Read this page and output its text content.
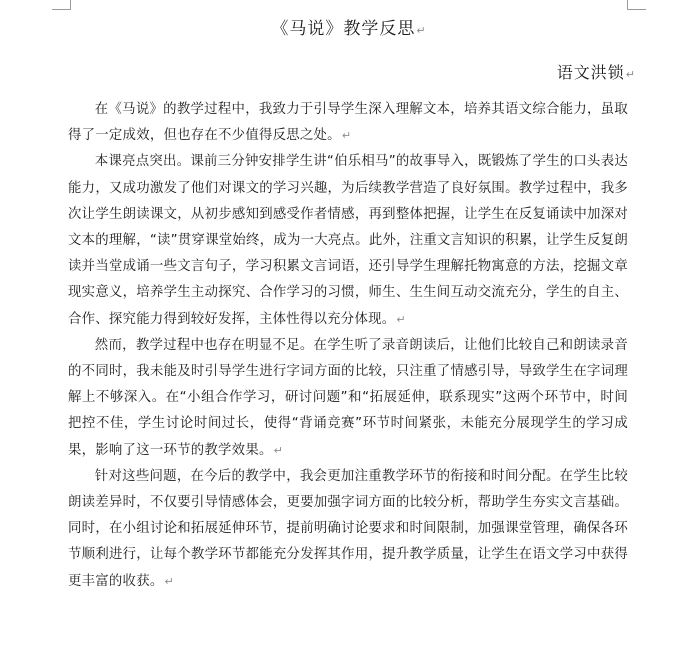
《马说》教学反思↵
语文洪锁↵

在《马说》的教学过程中，我致力于引导学生深入理解文本，培养其语文综合能力，虽取得了一定成效，但也存在不少值得反思之处。↵

本课亮点突出。课前三分钟安排学生讲“伯乐相马”的故事导入，既锻炼了学生的口头表达能力，又成功激发了他们对课文的学习兴趣，为后续教学营造了良好氛围。教学过程中，我多次让学生朗读课文，从初步感知到感受作者情感，再到整体把握，让学生在反复诵读中加深对文本的理解，“读”贯穿课堂始终，成为一大亮点。此外，注重文言知识的积累，让学生反复朗读并当堂成诵一些文言句子，学习积累文言词语，还引导学生理解托物寓意的方法，挖掘文章现实意义，培养学生主动探究、合作学习的习惯，师生、生生间互动交流充分，学生的自主、合作、探究能力得到较好发挥，主体性得以充分体现。↵

然而，教学过程中也存在明显不足。在学生听了录音朗读后，让他们比较自己和朗读录音的不同时，我未能及时引导学生进行字词方面的比较，只注重了情感引导，导致学生在字词理解上不够深入。在“小组合作学习，研讨问题”和“拓展延伸，联系现实”这两个环节中，时间把控不佳，学生讨论时间过长，使得“背诵竞赛”环节时间紧张，未能充分展现学生的学习成果，影响了这一环节的教学效果。↵

针对这些问题，在今后的教学中，我会更加注重教学环节的衔接和时间分配。在学生比较朗读差异时，不仅要引导情感体会，更要加强字词方面的比较分析，帮助学生夯实文言基础。同时，在小组讨论和拓展延伸环节，提前明确讨论要求和时间限制，加强课堂管理，确保各环节顺利进行，让每个教学环节都能充分发挥其作用，提升教学质量，让学生在语文学习中获得更丰富的收获。↵
